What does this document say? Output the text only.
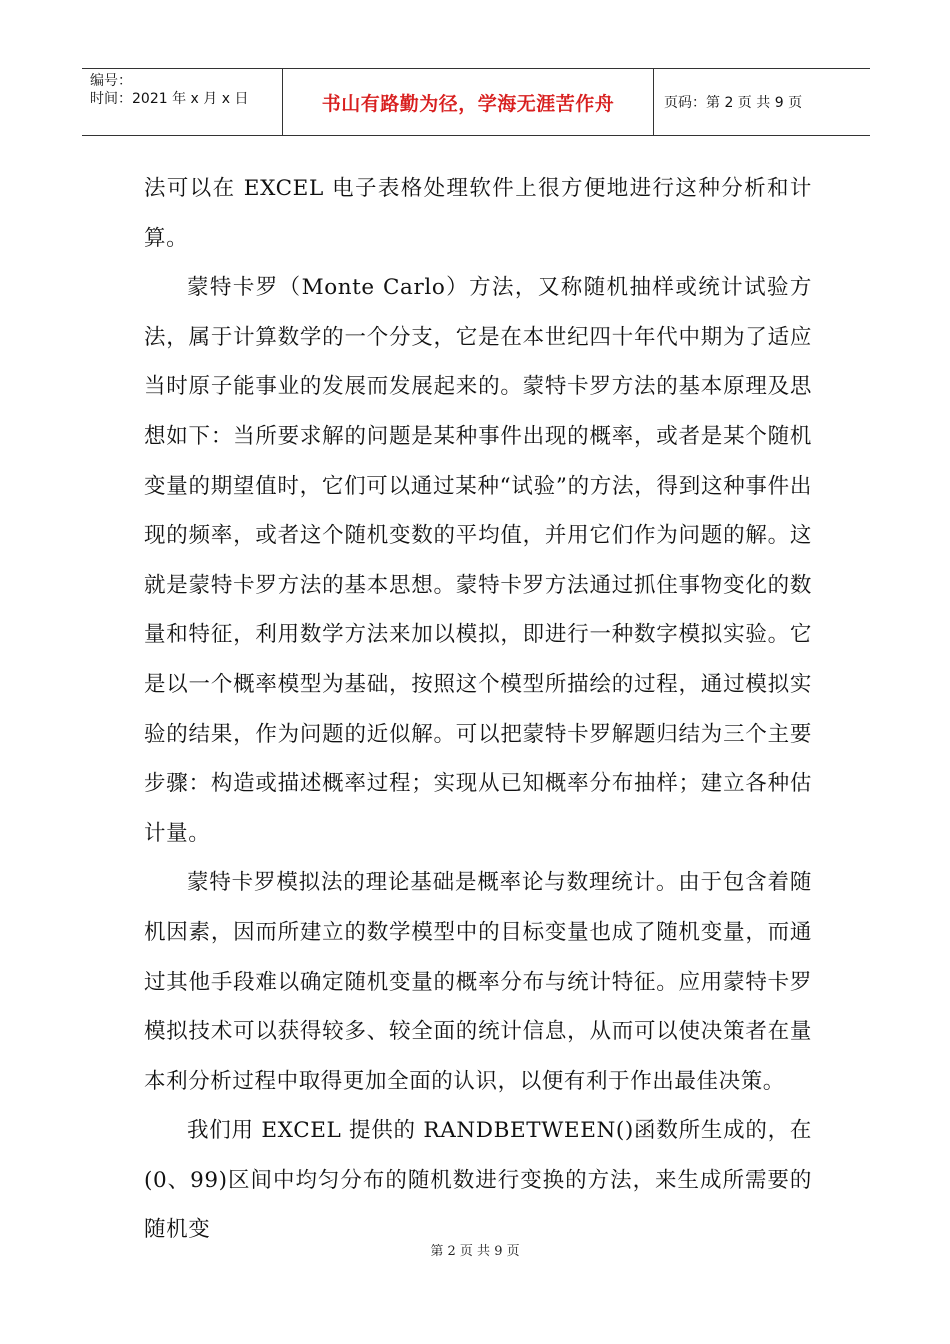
编号：
时间：2021 年 x 月 x 日	书山有路勤为径，学海无涯苦作舟	页码：第 2 页 共 9 页

法可以在 EXCEL 电子表格处理软件上很方便地进行这种分析和计算。

蒙特卡罗（Monte Carlo）方法，又称随机抽样或统计试验方法，属于计算数学的一个分支，它是在本世纪四十年代中期为了适应当时原子能事业的发展而发展起来的。蒙特卡罗方法的基本原理及思想如下：当所要求解的问题是某种事件出现的概率，或者是某个随机变量的期望值时，它们可以通过某种“试验”的方法，得到这种事件出现的频率，或者这个随机变数的平均值，并用它们作为问题的解。这就是蒙特卡罗方法的基本思想。蒙特卡罗方法通过抓住事物变化的数量和特征，利用数学方法来加以模拟，即进行一种数字模拟实验。它是以一个概率模型为基础，按照这个模型所描绘的过程，通过模拟实验的结果，作为问题的近似解。可以把蒙特卡罗解题归结为三个主要步骤：构造或描述概率过程；实现从已知概率分布抽样；建立各种估计量。

蒙特卡罗模拟法的理论基础是概率论与数理统计。由于包含着随机因素，因而所建立的数学模型中的目标变量也成了随机变量，而通过其他手段难以确定随机变量的概率分布与统计特征。应用蒙特卡罗模拟技术可以获得较多、较全面的统计信息，从而可以使决策者在量本利分析过程中取得更加全面的认识，以便有利于作出最佳决策。

我们用 EXCEL 提供的 RANDBETWEEN()函数所生成的，在(0、99)区间中均匀分布的随机数进行变换的方法，来生成所需要的随机变

第 2 页 共 9 页
